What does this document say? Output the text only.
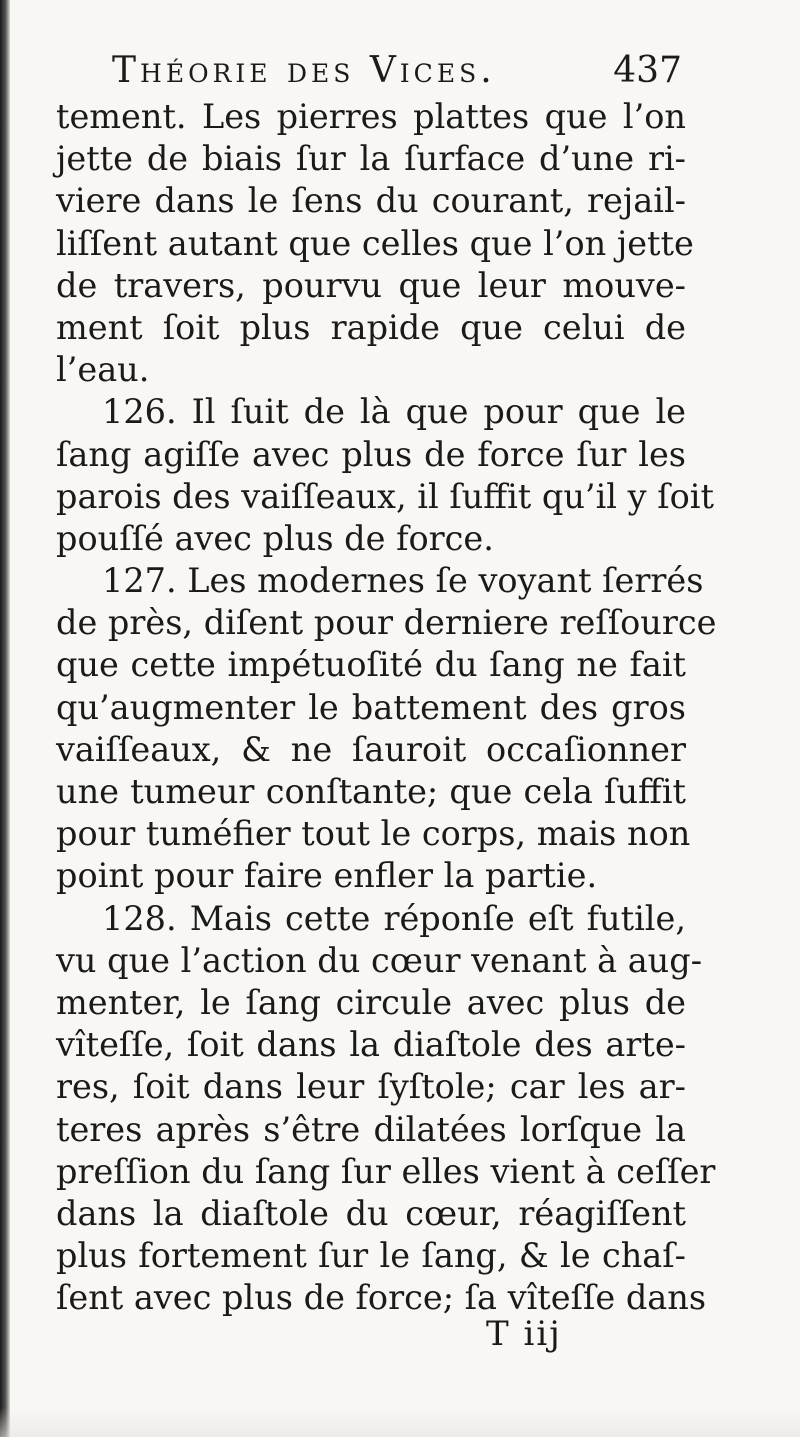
Théorie des Vices.	437
tement. Les pierres plattes que l’on
jette de biais ſur la ſurface d’une ri-
viere dans le ſens du courant, rejail-
liſſent autant que celles que l’on jette
de travers, pourvu que leur mouve-
ment ſoit plus rapide que celui de
l’eau.
126. Il ſuit de là que pour que le
ſang agiſſe avec plus de force ſur les
parois des vaiſſeaux, il ſuffit qu’il y ſoit
pouſſé avec plus de force.
127. Les modernes ſe voyant ſerrés
de près, diſent pour derniere reſſource
que cette impétuoſité du ſang ne fait
qu’augmenter le battement des gros
vaiſſeaux, & ne ſauroit occaſionner
une tumeur conſtante; que cela ſuffit
pour tuméfier tout le corps, mais non
point pour faire enfler la partie.
128. Mais cette réponſe eſt futile,
vu que l’action du cœur venant à aug-
menter, le ſang circule avec plus de
vîteſſe, ſoit dans la diaſtole des arte-
res, ſoit dans leur ſyſtole; car les ar-
teres après s’être dilatées lorſque la
preſſion du ſang ſur elles vient à ceſſer
dans la diaſtole du cœur, réagiſſent
plus fortement ſur le ſang, & le chaſ-
ſent avec plus de force; ſa vîteſſe dans
T iij
